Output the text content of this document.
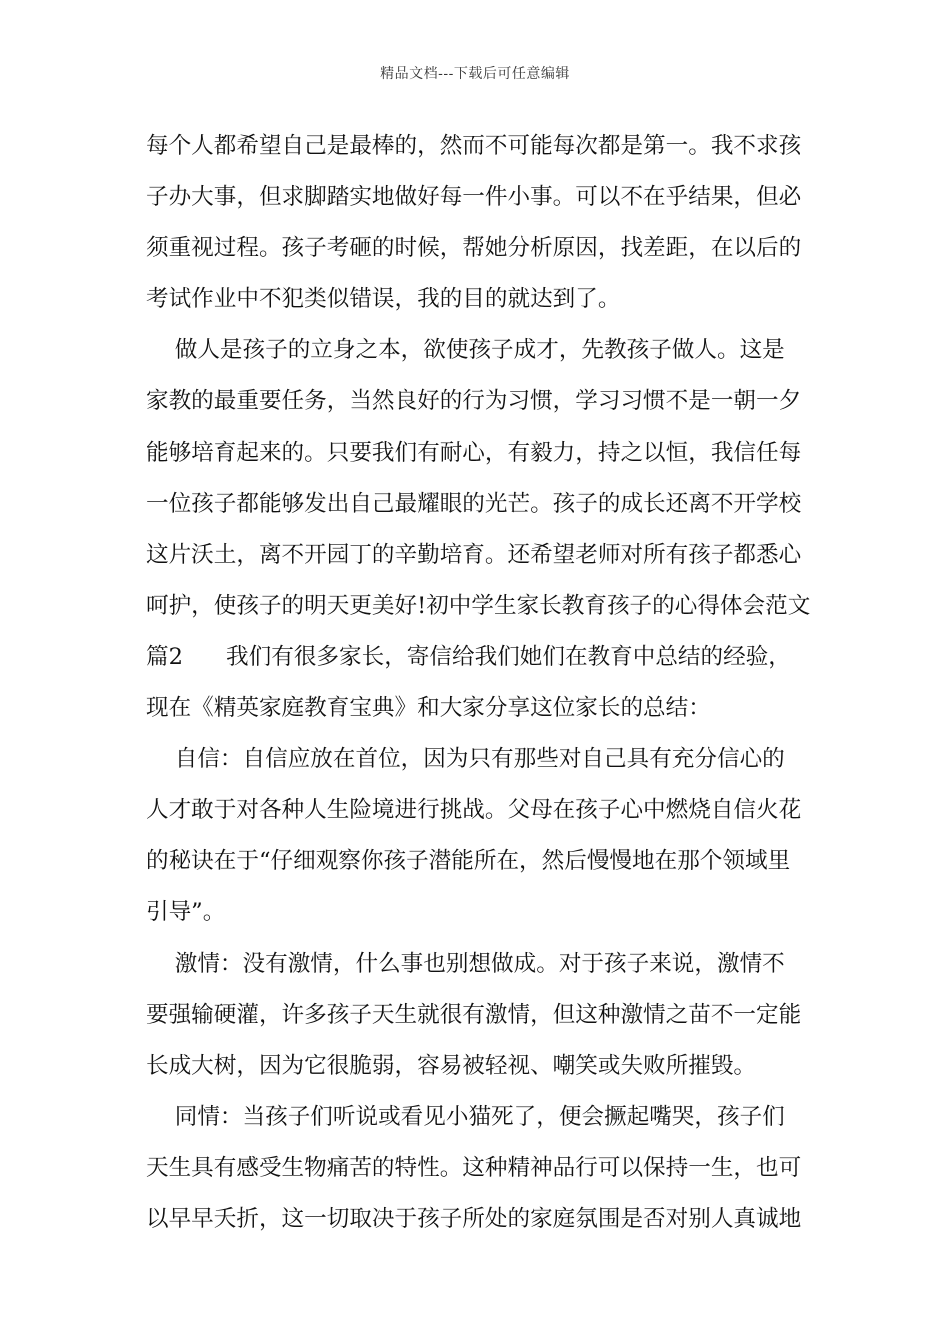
精品文档---下载后可任意编辑
每个人都希望自己是最棒的，然而不可能每次都是第一。我不求孩
子办大事，但求脚踏实地做好每一件小事。可以不在乎结果，但必
须重视过程。孩子考砸的时候，帮她分析原因，找差距，在以后的
考试作业中不犯类似错误，我的目的就达到了。
做人是孩子的立身之本，欲使孩子成才，先教孩子做人。这是
家教的最重要任务，当然良好的行为习惯，学习习惯不是一朝一夕
能够培育起来的。只要我们有耐心，有毅力，持之以恒，我信任每
一位孩子都能够发出自己最耀眼的光芒。孩子的成长还离不开学校
这片沃土，离不开园丁的辛勤培育。还希望老师对所有孩子都悉心
呵护，使孩子的明天更美好!初中学生家长教育孩子的心得体会范文
篇2      我们有很多家长，寄信给我们她们在教育中总结的经验，
现在《精英家庭教育宝典》和大家分享这位家长的总结：
自信：自信应放在首位，因为只有那些对自己具有充分信心的
人才敢于对各种人生险境进行挑战。父母在孩子心中燃烧自信火花
的秘诀在于“仔细观察你孩子潜能所在，然后慢慢地在那个领域里
引导”。
激情：没有激情，什么事也别想做成。对于孩子来说，激情不
要强输硬灌，许多孩子天生就很有激情，但这种激情之苗不一定能
长成大树，因为它很脆弱，容易被轻视、嘲笑或失败所摧毁。
同情：当孩子们听说或看见小猫死了，便会撅起嘴哭，孩子们
天生具有感受生物痛苦的特性。这种精神品行可以保持一生，也可
以早早夭折，这一切取决于孩子所处的家庭氛围是否对别人真诚地
